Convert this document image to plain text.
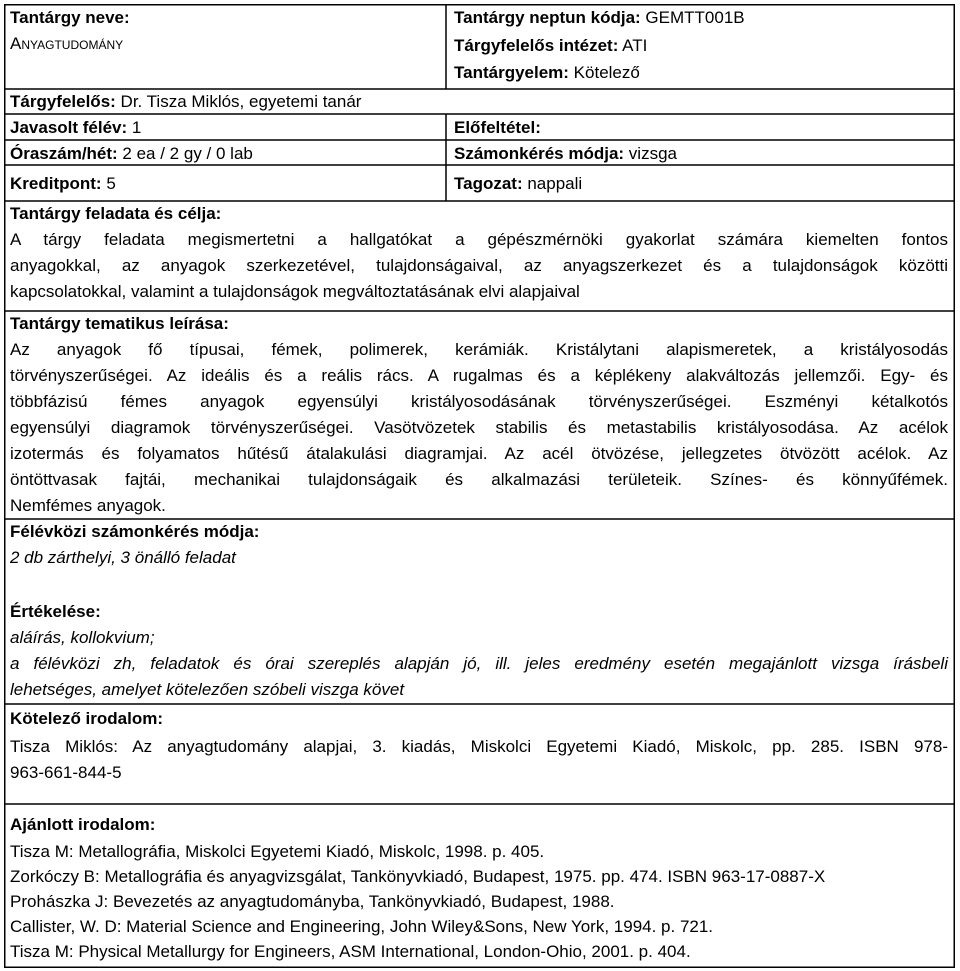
Tantárgy neve:
Anyagtudomány
Tantárgy neptun kódja: GEMTT001B
Tárgyfelelős intézet: ATI
Tantárgyelem: Kötelező
Tárgyfelelős: Dr. Tisza Miklós, egyetemi tanár
Javasolt félév: 1	Előfeltétel:
Óraszám/hét: 2 ea / 2 gy / 0 lab	Számonkérés módja: vizsga
Kreditpont: 5	Tagozat: nappali
Tantárgy feladata és célja:
A tárgy feladata megismertetni a hallgatókat a gépészmérnöki gyakorlat számára kiemelten fontos
anyagokkal, az anyagok szerkezetével, tulajdonságaival, az anyagszerkezet és a tulajdonságok közötti
kapcsolatokkal, valamint a tulajdonságok megváltoztatásának elvi alapjaival
Tantárgy tematikus leírása:
Az anyagok fő típusai, fémek, polimerek, kerámiák. Kristálytani alapismeretek, a kristályosodás
törvényszerűségei. Az ideális és a reális rács. A rugalmas és a képlékeny alakváltozás jellemzői. Egy- és
többfázisú fémes anyagok egyensúlyi kristályosodásának törvényszerűségei. Eszményi kétalkotós
egyensúlyi diagramok törvényszerűségei. Vasötvözetek stabilis és metastabilis kristályosodása. Az acélok
izotermás és folyamatos hűtésű átalakulási diagramjai. Az acél ötvözése, jellegzetes ötvözött acélok. Az
öntöttvasak fajtái, mechanikai tulajdonságaik és alkalmazási területeik. Színes- és könnyűfémek.
Nemfémes anyagok.
Félévközi számonkérés módja:
2 db zárthelyi, 3 önálló feladat
Értékelése:
aláírás, kollokvium;
a félévközi zh, feladatok és órai szereplés alapján jó, ill. jeles eredmény esetén megajánlott vizsga írásbeli
lehetséges, amelyet kötelezően szóbeli viszga követ
Kötelező irodalom:
Tisza Miklós: Az anyagtudomány alapjai, 3. kiadás, Miskolci Egyetemi Kiadó, Miskolc, pp. 285. ISBN 978-
963-661-844-5
Ajánlott irodalom:
Tisza M: Metallográfia, Miskolci Egyetemi Kiadó, Miskolc, 1998. p. 405.
Zorkóczy B: Metallográfia és anyagvizsgálat, Tankönyvkiadó, Budapest, 1975. pp. 474. ISBN 963-17-0887-X
Prohászka J: Bevezetés az anyagtudományba, Tankönyvkiadó, Budapest, 1988.
Callister, W. D: Material Science and Engineering, John Wiley&Sons, New York, 1994. p. 721.
Tisza M: Physical Metallurgy for Engineers, ASM International, London-Ohio, 2001. p. 404.
